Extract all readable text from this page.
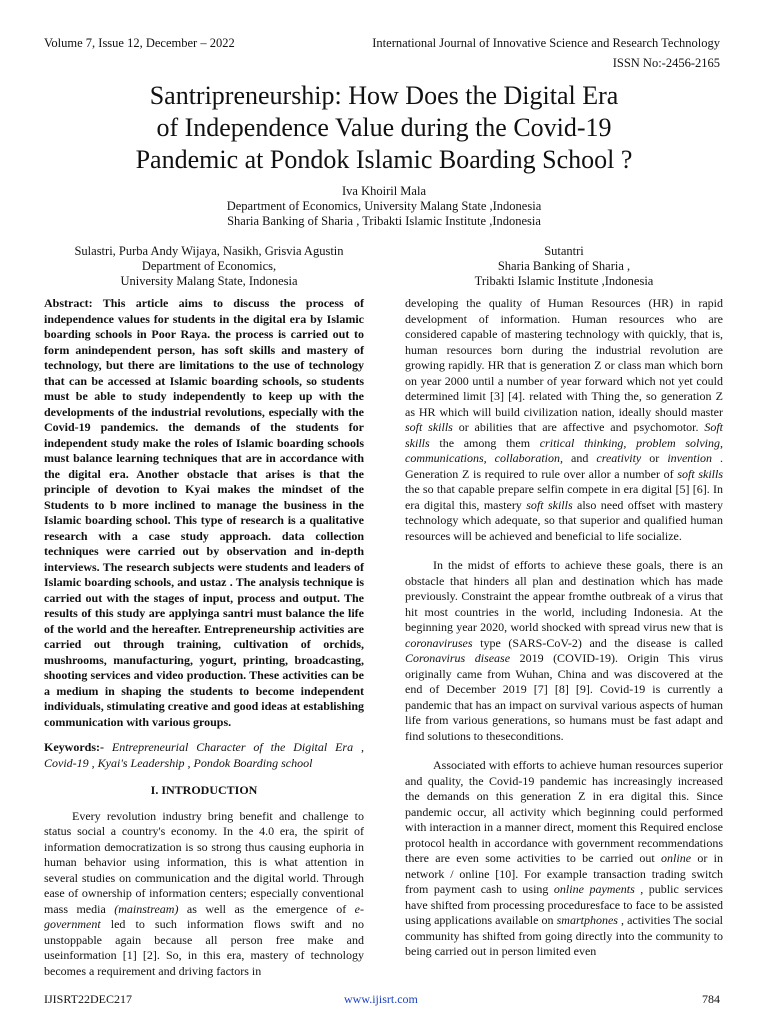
Volume 7, Issue 12, December – 2022	International Journal of Innovative Science and Research Technology
ISSN No:-2456-2165
Santripreneurship: How Does the Digital Era
of Independence Value during the Covid-19
Pandemic at Pondok Islamic Boarding School ?
Iva Khoiril Mala
Department of Economics, University Malang State ,Indonesia
Sharia Banking of Sharia , Tribakti Islamic Institute ,Indonesia
Sulastri, Purba Andy Wijaya, Nasikh, Grisvia Agustin
Department of Economics,
University Malang State, Indonesia
Sutantri
Sharia Banking of Sharia ,
Tribakti Islamic Institute ,Indonesia

Abstract: This article aims to discuss the process of independence values for students in the digital era by Islamic boarding schools in Poor Raya. the process is carried out to form anindependent person, has soft skills and mastery of technology, but there are limitations to the use of technology that can be accessed at Islamic boarding schools, so students must be able to study independently to keep up with the developments of the industrial revolutions, especially with the Covid-19 pandemics. the demands of the students for independent study make the roles of Islamic boarding schools must balance learning techniques that are in accordance with the digital era. Another obstacle that arises is that the principle of devotion to Kyai makes the mindset of the Students to b more inclined to manage the business in the Islamic boarding school. This type of research is a qualitative research with a case study approach. data collection techniques were carried out by observation and in-depth interviews. The research subjects were students and leaders of Islamic boarding schools, and ustaz . The analysis technique is carried out with the stages of input, process and output. The results of this study are applyinga santri must balance the life of the world and the hereafter. Entrepreneurship activities are carried out through training, cultivation of orchids, mushrooms, manufacturing, yogurt, printing, broadcasting, shooting services and video production. These activities can be a medium in shaping the students to become independent individuals, stimulating creative and good ideas at establishing communication with various groups.

Keywords:- Entrepreneurial Character of the Digital Era , Covid-19 , Kyai's Leadership , Pondok Boarding school

I. INTRODUCTION

Every revolution industry bring benefit and challenge to status social a country's economy. In the 4.0 era, the spirit of information democratization is so strong thus causing euphoria in human behavior using information, this is what attention in several studies on communication and the digital world. Through ease of ownership of information centers; especially conventional mass media (mainstream) as well as the emergence of e-government led to such information flows swift and no unstoppable again because all person free make and useinformation [1] [2]. So, in this era, mastery of technology becomes a requirement and driving factors in

developing the quality of Human Resources (HR) in rapid development of information. Human resources who are considered capable of mastering technology with quickly, that is, human resources born during the industrial revolution are growing rapidly. HR that is generation Z or class man which born on year 2000 until a number of year forward which not yet could determined limit [3] [4]. related with Thing the, so generation Z as HR which will build civilization nation, ideally should master soft skills or abilities that are affective and psychomotor. Soft skills the among them critical thinking, problem solving, communications, collaboration, and creativity or invention . Generation Z is required to rule over allor a number of soft skills the so that capable prepare selfin compete in era digital [5] [6]. In era digital this, mastery soft skills also need offset with mastery technology which adequate, so that superior and qualified human resources will be achieved and beneficial to life socialize.

In the midst of efforts to achieve these goals, there is an obstacle that hinders all plan and destination which has made previously. Constraint the appear fromthe outbreak of a virus that hit most countries in the world, including Indonesia. At the beginning year 2020, world shocked with spread virus new that is coronaviruses type (SARS-CoV-2) and the disease is called Coronavirus disease 2019 (COVID-19). Origin This virus originally came from Wuhan, China and was discovered at the end of December 2019 [7] [8] [9]. Covid-19 is currently a pandemic that has an impact on survival various aspects of human life from various generations, so humans must be fast adapt and find solutions to theseconditions.

Associated with efforts to achieve human resources superior and quality, the Covid-19 pandemic has increasingly increased the demands on this generation Z in era digital this. Since pandemic occur, all activity which beginning could performed with interaction in a manner direct, moment this Required enclose protocol health in accordance with government recommendations there are even some activities to be carried out online or in network / online [10]. For example transaction trading switch from payment cash to using online payments , public services have shifted from processing proceduresface to face to be assisted using applications available on smartphones , activities The social community has shifted from going directly into the community to being carried out in person limited even

IJISRT22DEC217	www.ijisrt.com	784
